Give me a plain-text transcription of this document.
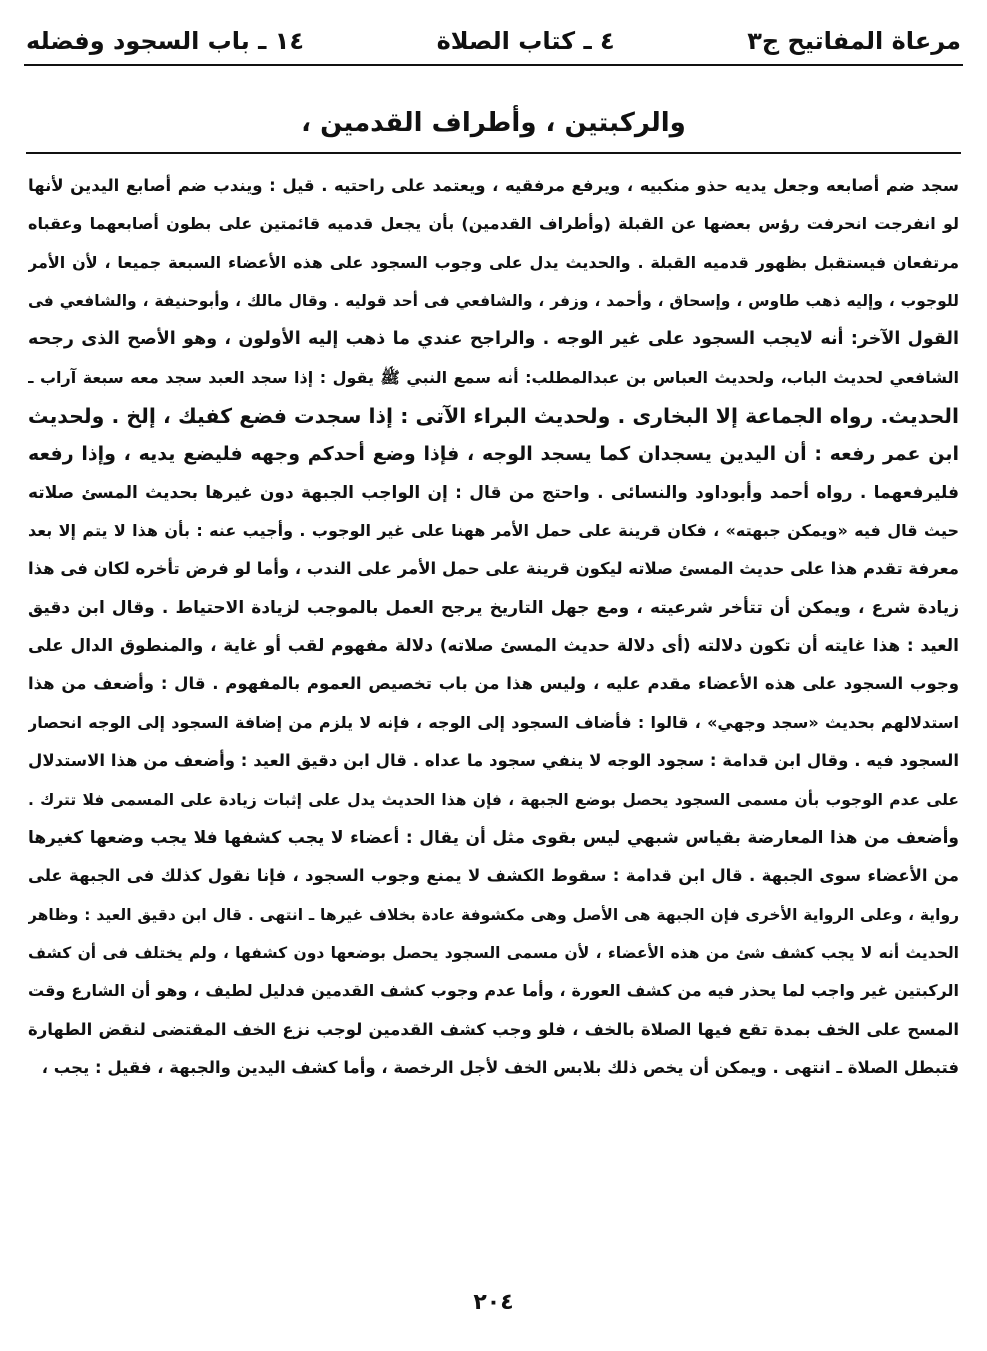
مرعاة المفاتيح ج٣
٤ ـ كتاب الصلاة
١٤ ـ باب السجود وفضله
والركبتين ، وأطراف القدمين ،
سجد ضم أصابعه وجعل يديه حذو منكبيه ، ويرفع مرفقيه ، ويعتمد على راحتيه . قيل : ويندب ضم أصابع اليدين لأنها
لو انفرجت انحرفت رؤس بعضها عن القبلة (وأطراف القدمين) بأن يجعل قدميه قائمتين على بطون أصابعهما وعقباه
مرتفعان فيستقبل بظهور قدميه القبلة . والحديث يدل على وجوب السجود على هذه الأعضاء السبعة جميعا ، لأن الأمر
للوجوب ، وإليه ذهب طاوس ، وإسحاق ، وأحمد ، وزفر ، والشافعي فى أحد قوليه . وقال مالك ، وأبوحنيفة ، والشافعي فى
القول الآخر: أنه لايجب السجود على غير الوجه . والراجح عندي ما ذهب إليه الأولون ، وهو الأصح الذى رجحه
الشافعي لحديث الباب، ولحديث العباس بن عبدالمطلب: أنه سمع النبي ﷺ يقول : إذا سجد العبد سجد معه سبعة آراب ـ
الحديث. رواه الجماعة إلا البخارى . ولحديث البراء الآتى : إذا سجدت فضع كفيك ، إلخ . ولحديث
ابن عمر رفعه : أن اليدين يسجدان كما يسجد الوجه ، فإذا وضع أحدكم وجهه فليضع يديه ، وإذا رفعه
فليرفعهما . رواه أحمد وأبوداود والنسائى . واحتج من قال : إن الواجب الجبهة دون غيرها بحديث المسئ صلاته
حيث قال فيه «ويمكن جبهته» ، فكان قرينة على حمل الأمر ههنا على غير الوجوب . وأجيب عنه : بأن هذا لا يتم إلا بعد
معرفة تقدم هذا على حديث المسئ صلاته ليكون قرينة على حمل الأمر على الندب ، وأما لو فرض تأخره لكان فى هذا
زيادة شرع ، ويمكن أن تتأخر شرعيته ، ومع جهل التاريخ يرجح العمل بالموجب لزيادة الاحتياط . وقال ابن دقيق
العيد : هذا غايته أن تكون دلالته (أى دلالة حديث المسئ صلاته) دلالة مفهوم لقب أو غاية ، والمنطوق الدال على
وجوب السجود على هذه الأعضاء مقدم عليه ، وليس هذا من باب تخصيص العموم بالمفهوم . قال : وأضعف من هذا
استدلالهم بحديث «سجد وجهي» ، قالوا : فأضاف السجود إلى الوجه ، فإنه لا يلزم من إضافة السجود إلى الوجه انحصار
السجود فيه . وقال ابن قدامة : سجود الوجه لا ينفي سجود ما عداه . قال ابن دقيق العيد : وأضعف من هذا الاستدلال
على عدم الوجوب بأن مسمى السجود يحصل بوضع الجبهة ، فإن هذا الحديث يدل على إثبات زيادة على المسمى فلا تترك .
وأضعف من هذا المعارضة بقياس شبهي ليس بقوى مثل أن يقال : أعضاء لا يجب كشفها فلا يجب وضعها كغيرها
من الأعضاء سوى الجبهة . قال ابن قدامة : سقوط الكشف لا يمنع وجوب السجود ، فإنا نقول كذلك فى الجبهة على
رواية ، وعلى الرواية الأخرى فإن الجبهة هى الأصل وهى مكشوفة عادة بخلاف غيرها ـ انتهى . قال ابن دقيق العيد : وظاهر
الحديث أنه لا يجب كشف شئ من هذه الأعضاء ، لأن مسمى السجود يحصل بوضعها دون كشفها ، ولم يختلف فى أن كشف
الركبتين غير واجب لما يحذر فيه من كشف العورة ، وأما عدم وجوب كشف القدمين فدليل لطيف ، وهو أن الشارع وقت
المسح على الخف بمدة تقع فيها الصلاة بالخف ، فلو وجب كشف القدمين لوجب نزع الخف المقتضى لنقض الطهارة
فتبطل الصلاة ـ انتهى . ويمكن أن يخص ذلك بلابس الخف لأجل الرخصة ، وأما كشف اليدين والجبهة ، فقيل : يجب ،
٢٠٤
